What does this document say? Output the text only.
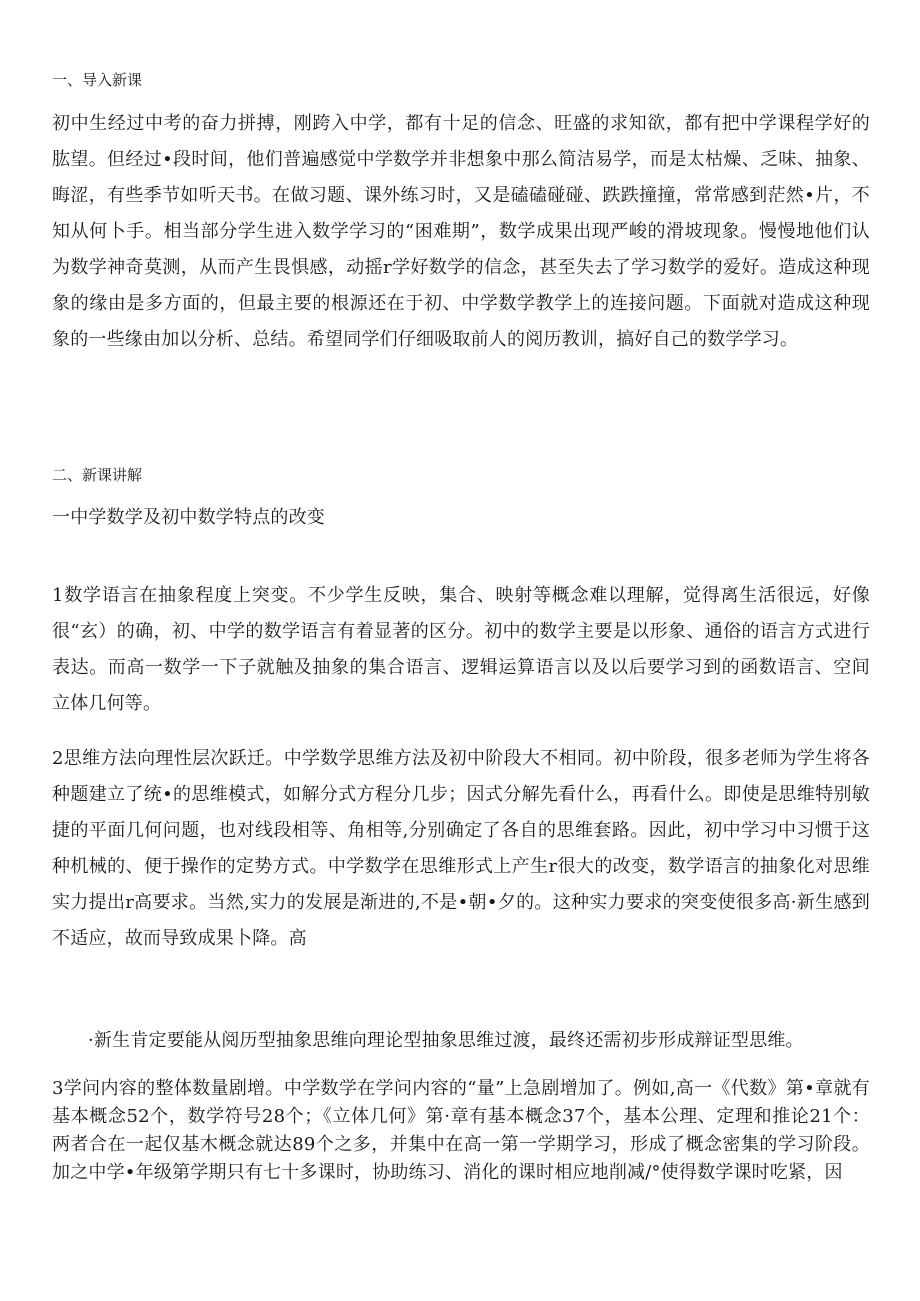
一、导入新课

初中生经过中考的奋力拼搏，刚跨入中学，都有十足的信念、旺盛的求知欲，都有把中学课程学好的肱望。但经过•段时间，他们普遍感觉中学数学并非想象中那么简洁易学，而是太枯燥、乏味、抽象、晦涩，有些季节如听天书。在做习题、课外练习时，又是磕磕碰碰、跌跌撞撞，常常感到茫然•片，不知从何卜手。相当部分学生进入数学学习的“困难期”，数学成果出现严峻的滑坡现象。慢慢地他们认为数学神奇莫测，从而产生畏惧感，动摇r学好数学的信念，甚至失去了学习数学的爱好。造成这种现象的缘由是多方面的，但最主要的根源还在于初、中学数学教学上的连接问题。下面就对造成这种现象的一些缘由加以分析、总结。希望同学们仔细吸取前人的阅历教训，搞好自己的数学学习。

二、新课讲解

一中学数学及初中数学特点的改变

1数学语言在抽象程度上突变。不少学生反映，集合、映射等概念难以理解，觉得离生活很远，好像很“玄）的确，初、中学的数学语言有着显著的区分。初中的数学主要是以形象、通俗的语言方式进行表达。而高一数学一下子就触及抽象的集合语言、逻辑运算语言以及以后要学习到的函数语言、空间立体几何等。

2思维方法向理性层次跃迁。中学数学思维方法及初中阶段大不相同。初中阶段，很多老师为学生将各种题建立了统•的思维模式，如解分式方程分几步；因式分解先看什么，再看什么。即使是思维特别敏捷的平面几何问题，也对线段相等、角相等,分别确定了各自的思维套路。因此，初中学习中习惯于这种机械的、便于操作的定势方式。中学数学在思维形式上产生r很大的改变，数学语言的抽象化对思维实力提出r高要求。当然,实力的发展是渐进的,不是•朝•夕的。这种实力要求的突变使很多高·新生感到不适应，故而导致成果卜降。高

·新生肯定要能从阅历型抽象思维向理论型抽象思维过渡，最终还需初步形成辩证型思维。

3学问内容的整体数量剧增。中学数学在学问内容的“量”上急剧增加了。例如,高一《代数》第•章就有基本概念52个，数学符号28个；《立体几何》第·章有基本概念37个，基本公理、定理和推论21个：两者合在一起仅基木概念就达89个之多，并集中在高一第一学期学习，形成了概念密集的学习阶段。加之中学•年级第学期只有七十多课时，协助练习、消化的课时相应地削减/°使得数学课时吃紧，因
